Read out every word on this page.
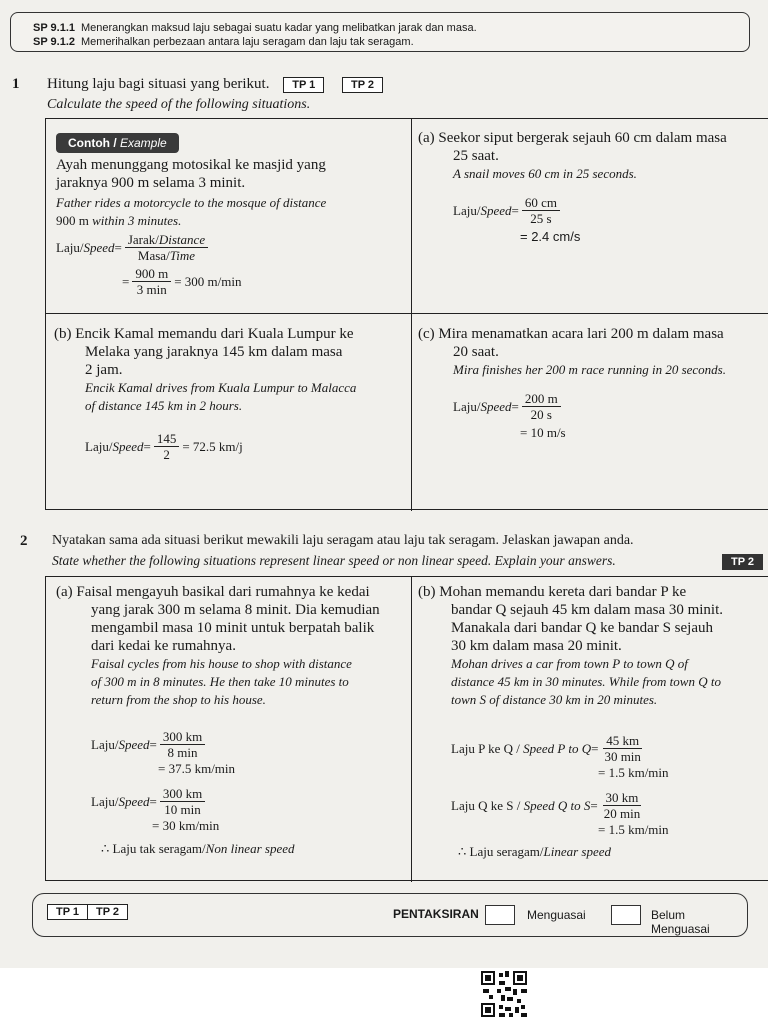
SP 9.1.1 Menerangkan maksud laju sebagai suatu kadar yang melibatkan jarak dan masa.
SP 9.1.2 Memerihalkan perbezaan antara laju seragam dan laju tak seragam.
1 Hitung laju bagi situasi yang berikut. TP 1	TP 2
Calculate the speed of the following situations.
Contoh / Example
Ayah menunggang motosikal ke masjid yang
jaraknya 900 m selama 3 minit.
Father rides a motorcycle to the mosque of distance
900 m within 3 minutes.
Laju/ Speed = $\frac{\text{Jarak/Distance}}{\text{Masa/Time}}$
= $\frac{900 m}{3 \min} = 300$ m/min
(a) Seekor siput bergerak sejauh 60 cm dalam masa
25 saat.
A snail moves 60 cm in 25 seconds.
Laju/ Speed = $\frac{60 cm}{25 s}$
= 2.4 cm/s
(b) Encik Kamal memandu dari Kuala Lumpur ke
Melaka yang jaraknya 145 km dalam masa
2 jam.
Encik Kamal drives from Kuala Lumpur to Malacca
of distance 145 km in 2 hours.
Laju/ Speed = $\frac{145}{2} = 72.5$ km/j
(c) Mira menamatkan acara lari 200 m dalam masa
20 saat.
Mira finishes her 200 m race running in 20 seconds.
Laju/ Speed = $\frac{200 m}{20 s}$
= 10 m/s
2 Nyatakan sama ada situasi berikut mewakili laju seragam atau laju tak seragam. Jelaskan jawapan anda.
State whether the following situations represent linear speed or non linear speed. Explain your answers.	TP 2
(a) Faisal mengayuh basikal dari rumahnya ke kedai
yang jarak 300 m selama 8 minit. Dia kemudian
mengambil masa 10 minit untuk berpatah balik
dari kedai ke rumahnya.
Faisal cycles from his house to shop with distance
of 300 m in 8 minutes. He then take 10 minutes to
return from the shop to his house.
Laju/ Speed = $\frac{300 km}{8 \min}$
= 37.5 km/min
Laju/ Speed = $\frac{300 km}{10 \min}$
= 30 km/min
∴ Laju tak seragam/Non linear speed
(b) Mohan memandu kereta dari bandar P ke
bandar Q sejauh 45 km dalam masa 30 minit.
Manakala dari bandar Q ke bandar S sejauh
30 km dalam masa 20 minit.
Mohan drives a car from town P to town Q of
distance 45 km in 30 minutes. While from town Q to
town S of distance 30 km in 20 minutes.
Laju P ke Q /
Speed P to $Q = \frac{45 km}{30 \min}$
= 1.5 km/min
Laju Q ke S /
Speed Q to $S = \frac{30 km}{20 \min}$
= 1.5 km/min
∴ Laju seragam/Linear speed
TP 1	TP 2	PENTAKSIRAN	Menguasai	Belum Menguasai
